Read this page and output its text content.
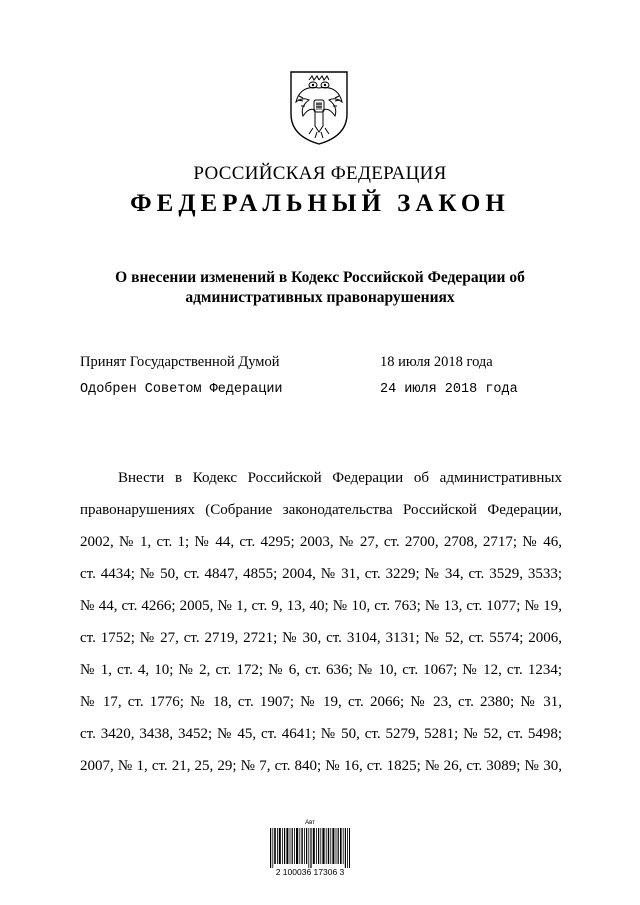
РОССИЙСКАЯ ФЕДЕРАЦИЯ
ФЕДЕРАЛЬНЫЙ ЗАКОН
О внесении изменений в Кодекс Российской Федерации об
административных правонарушениях
Принят Государственной Думой	18 июля 2018 года
Одобрен Советом Федерации	24 июля 2018 года
Внести в Кодекс Российской Федерации об административных
правонарушениях (Собрание законодательства Российской Федерации,
2002, № 1, ст. 1; № 44, ст. 4295; 2003, № 27, ст. 2700, 2708, 2717; № 46,
ст. 4434; № 50, ст. 4847, 4855; 2004, № 31, ст. 3229; № 34, ст. 3529, 3533;
№ 44, ст. 4266; 2005, № 1, ст. 9, 13, 40; № 10, ст. 763; № 13, ст. 1077; № 19,
ст. 1752; № 27, ст. 2719, 2721; № 30, ст. 3104, 3131; № 52, ст. 5574; 2006,
№ 1, ст. 4, 10; № 2, ст. 172; № 6, ст. 636; № 10, ст. 1067; № 12, ст. 1234;
№ 17, ст. 1776; № 18, ст. 1907; № 19, ст. 2066; № 23, ст. 2380; № 31,
ст. 3420, 3438, 3452; № 45, ст. 4641; № 50, ст. 5279, 5281; № 52, ст. 5498;
2007, № 1, ст. 21, 25, 29; № 7, ст. 840; № 16, ст. 1825; № 26, ст. 3089; № 30,
Авт
2 100036 17306 3
